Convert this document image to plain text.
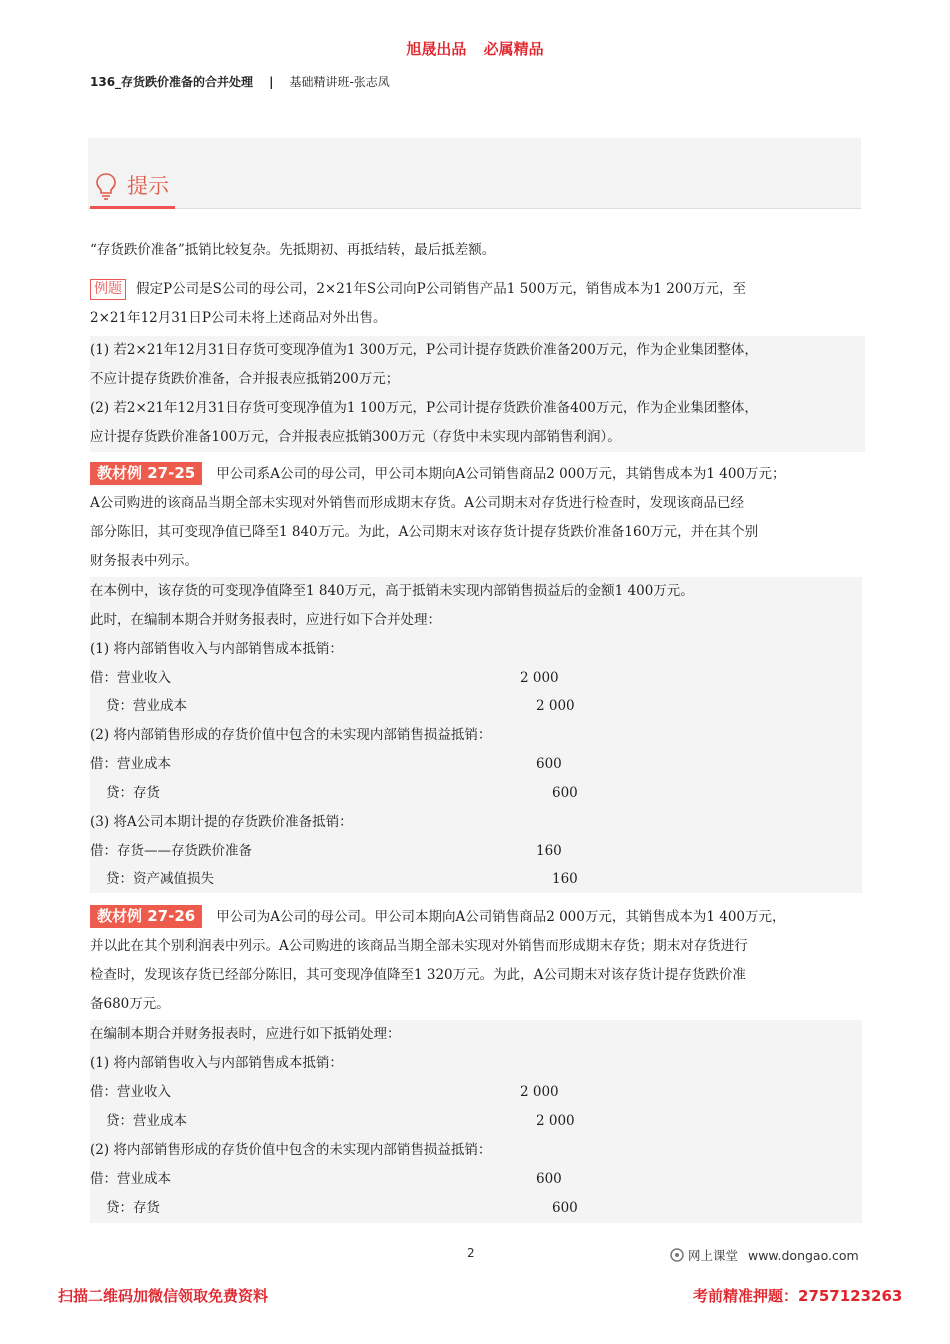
旭晟出品 必属精品
136_存货跌价准备的合并处理 | 基础精讲班-张志凤
提示
“存货跌价准备”抵销比较复杂。先抵期初、再抵结转，最后抵差额。
例题 假定P公司是S公司的母公司，2×21年S公司向P公司销售产品1 500万元，销售成本为1 200万元，至
2×21年12月31日P公司未将上述商品对外出售。
(1) 若2×21年12月31日存货可变现净值为1 300万元，P公司计提存货跌价准备200万元，作为企业集团整体，
不应计提存货跌价准备，合并报表应抵销200万元；
(2) 若2×21年12月31日存货可变现净值为1 100万元，P公司计提存货跌价准备400万元，作为企业集团整体，
应计提存货跌价准备100万元，合并报表应抵销300万元（存货中未实现内部销售利润）。
教材例 27-25 甲公司系A公司的母公司，甲公司本期向A公司销售商品2 000万元，其销售成本为1 400万元；
A公司购进的该商品当期全部未实现对外销售而形成期末存货。A公司期末对存货进行检查时，发现该商品已经
部分陈旧，其可变现净值已降至1 840万元。为此，A公司期末对该存货计提存货跌价准备160万元，并在其个别
财务报表中列示。
在本例中，该存货的可变现净值降至1 840万元，高于抵销未实现内部销售损益后的金额1 400万元。
此时，在编制本期合并财务报表时，应进行如下合并处理：
(1) 将内部销售收入与内部销售成本抵销：
借：营业收入	2 000
贷：营业成本	2 000
(2) 将内部销售形成的存货价值中包含的未实现内部销售损益抵销：
借：营业成本	600
贷：存货	600
(3) 将A公司本期计提的存货跌价准备抵销：
借：存货——存货跌价准备	160
贷：资产减值损失	160
教材例 27-26 甲公司为A公司的母公司。甲公司本期向A公司销售商品2 000万元，其销售成本为1 400万元，
并以此在其个别利润表中列示。A公司购进的该商品当期全部未实现对外销售而形成期末存货；期末对存货进行
检查时，发现该存货已经部分陈旧，其可变现净值降至1 320万元。为此，A公司期末对该存货计提存货跌价准
备680万元。
在编制本期合并财务报表时，应进行如下抵销处理：
(1) 将内部销售收入与内部销售成本抵销：
借：营业收入	2 000
贷：营业成本	2 000
(2) 将内部销售形成的存货价值中包含的未实现内部销售损益抵销：
借：营业成本	600
贷：存货	600
2	网上课堂 www.dongao.com
扫描二维码加微信领取免费资料	考前精准押题：2757123263
